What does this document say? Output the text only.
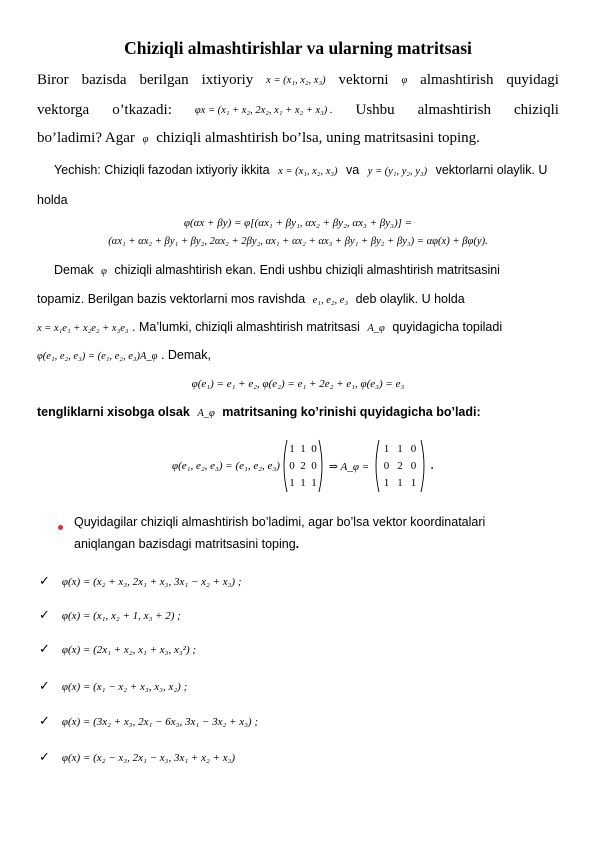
Chiziqli almashtirishlar va ularning matritsasi
Biror bazisda berilgan ixtiyoriy x = (x₁, x₂, x₃) vektorni φ almashtirish quyidagi
vektorga o’tkazadi: φx = (x₁ + x₂, 2x₂, x₁ + x₂ + x₃) . Ushbu almashtirish chiziqli
bo’ladimi? Agar φ chiziqli almashtirish bo’lsa, uning matritsasini toping.
Yechish: Chiziqli fazodan ixtiyoriy ikkita x = (x₁, x₂, x₃) va y = (y₁, y₂, y₃) vektorlarni olaylik. U
holda
φ(αx + βy) = φ[(αx₁ + βy₁, αx₂ + βy₂, αx₃ + βy₃)] =
(αx₁ + αx₂ + βy₁ + βy₂, 2αx₂ + 2βy₂, αx₁ + αx₂ + αx₃ + βy₁ + βy₂ + βy₃) = αφ(x) + βφ(y).
Demak φ chiziqli almashtirish ekan. Endi ushbu chiziqli almashtirish matritsasini
topamiz. Berilgan bazis vektorlarni mos ravishda e₁, e₂, e₃ deb olaylik. U holda
x = x₁e₁ + x₂e₂ + x₃e₃ . Ma’lumki, chiziqli almashtirish matritsasi A_φ quyidagicha topiladi
φ(e₁, e₂, e₃) = (e₁, e₂, e₃)A_φ . Demak,
φ(e₁) = e₁ + e₂, φ(e₂) = e₁ + 2e₂ + e₁, φ(e₃) = e₃
tengliklarni xisobga olsak A_φ matritsaning ko’rinishi quyidagicha bo’ladi:
φ(e₁, e₂, e₃) = (e₁, e₂, e₃)
1 1 0
0 2 0
1 1 1
⇒ A_φ =
1 1 0
0 2 0
1 1 1
.
Quyidagilar chiziqli almashtirish bo’ladimi, agar bo’lsa vektor koordinatalari
aniqlangan bazisdagi matritsasini toping.
✓ φ(x) = (x₂ + x₃, 2x₁ + x₃, 3x₁ − x₂ + x₃) ;
✓ φ(x) = (x₁, x₂ + 1, x₃ + 2) ;
✓ φ(x) = (2x₁ + x₂, x₁ + x₃, x₃²) ;
✓ φ(x) = (x₁ − x₂ + x₃, x₃, x₂) ;
✓ φ(x) = (3x₂ + x₃, 2x₁ − 6x₃, 3x₁ − 3x₂ + x₃) ;
✓ φ(x) = (x₂ − x₃, 2x₁ − x₃, 3x₁ + x₂ + x₃)
